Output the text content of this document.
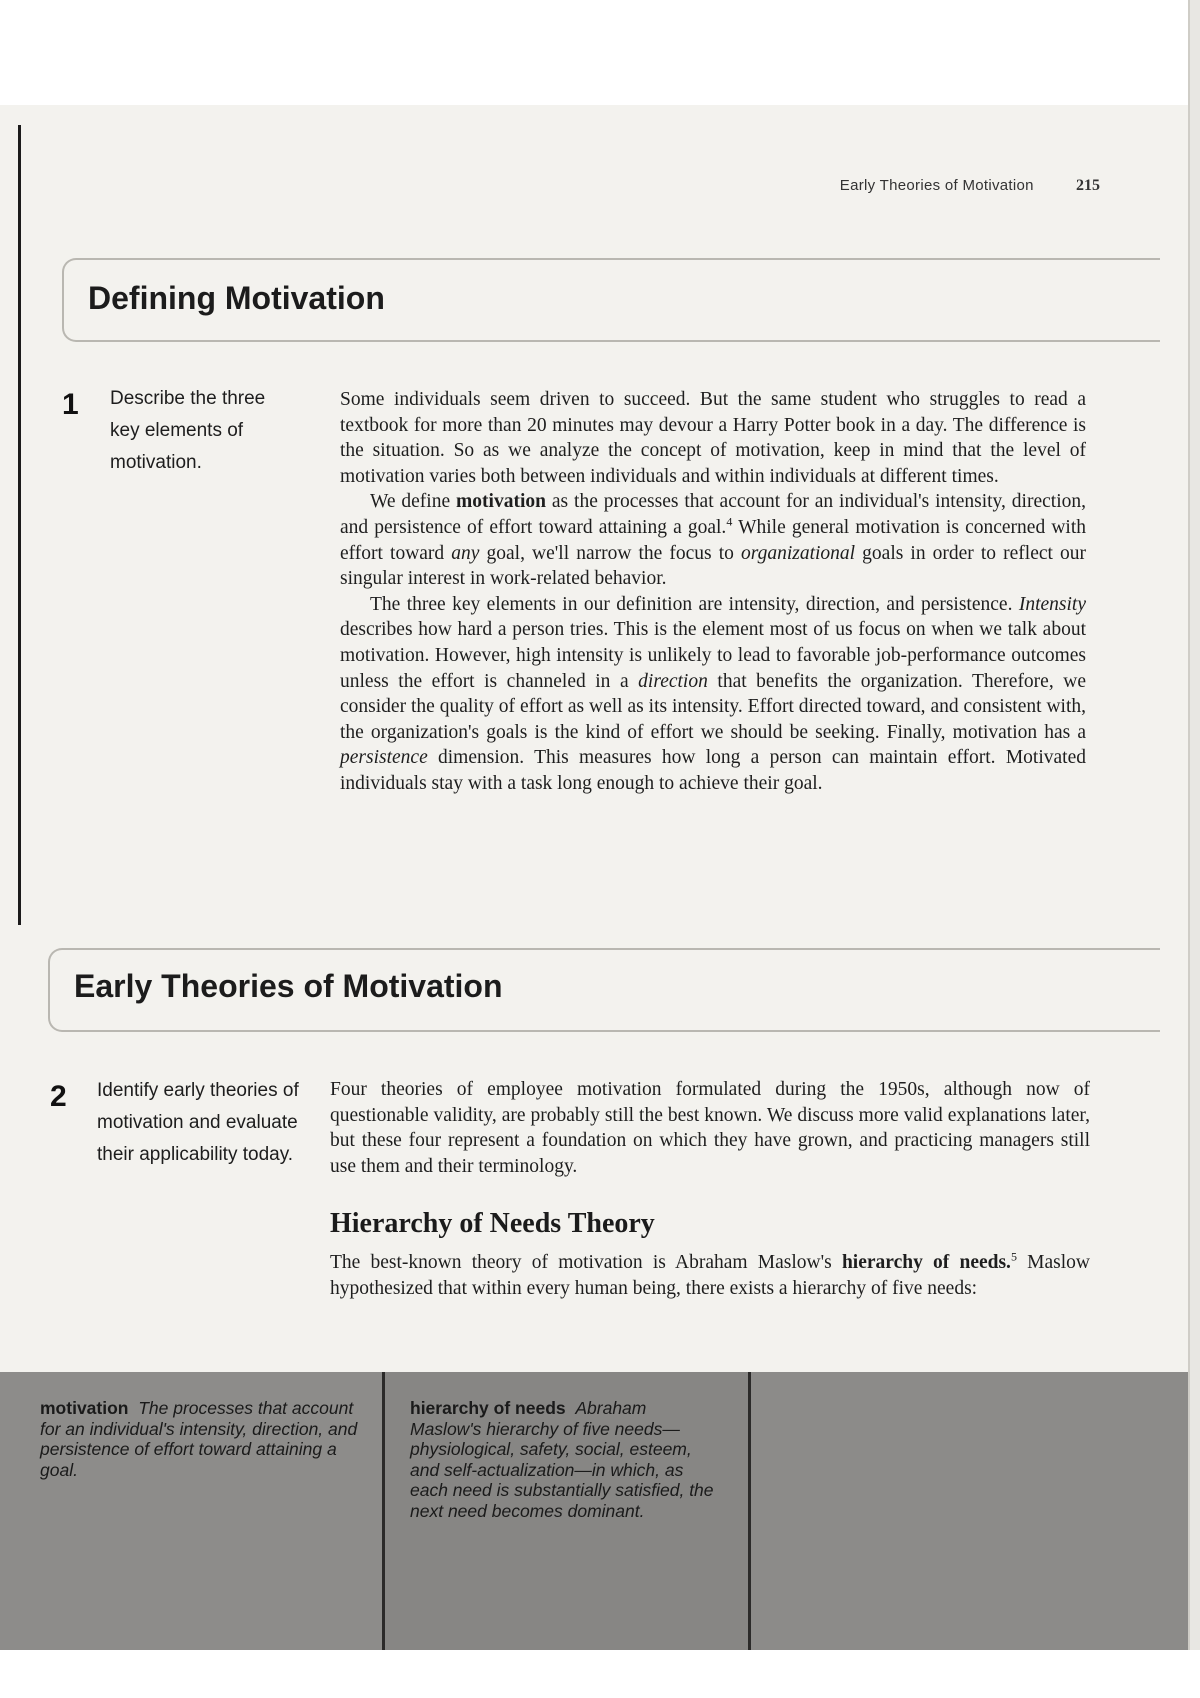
Early Theories of Motivation	215
Defining Motivation
1 Describe the three key elements of motivation.

Some individuals seem driven to succeed. But the same student who struggles to read a textbook for more than 20 minutes may devour a Harry Potter book in a day. The difference is the situation. So as we analyze the concept of motivation, keep in mind that the level of motivation varies both between individuals and within individuals at different times.

We define motivation as the processes that account for an individual's intensity, direction, and persistence of effort toward attaining a goal.$^4$ While general motivation is concerned with effort toward any goal, we'll narrow the focus to organizational goals in order to reflect our singular interest in work-related behavior.

The three key elements in our definition are intensity, direction, and persistence. Intensity describes how hard a person tries. This is the element most of us focus on when we talk about motivation. However, high intensity is unlikely to lead to favorable job-performance outcomes unless the effort is channeled in a direction that benefits the organization. Therefore, we consider the quality of effort as well as its intensity. Effort directed toward, and consistent with, the organization's goals is the kind of effort we should be seeking. Finally, motivation has a persistence dimension. This measures how long a person can maintain effort. Motivated individuals stay with a task long enough to achieve their goal.

Early Theories of Motivation
2 Identify early theories of motivation and evaluate their applicability today.

Four theories of employee motivation formulated during the 1950s, although now of questionable validity, are probably still the best known. We discuss more valid explanations later, but these four represent a foundation on which they have grown, and practicing managers still use them and their terminology.

Hierarchy of Needs Theory

The best-known theory of motivation is Abraham Maslow's hierarchy of needs.$^5$ Maslow hypothesized that within every human being, there exists a hierarchy of five needs:

motivation The processes that account for an individual's intensity, direction, and persistence of effort toward attaining a goal.
hierarchy of needs Abraham Maslow's hierarchy of five needs—physiological, safety, social, esteem, and self-actualization—in which, as each need is substantially satisfied, the next need becomes dominant.
